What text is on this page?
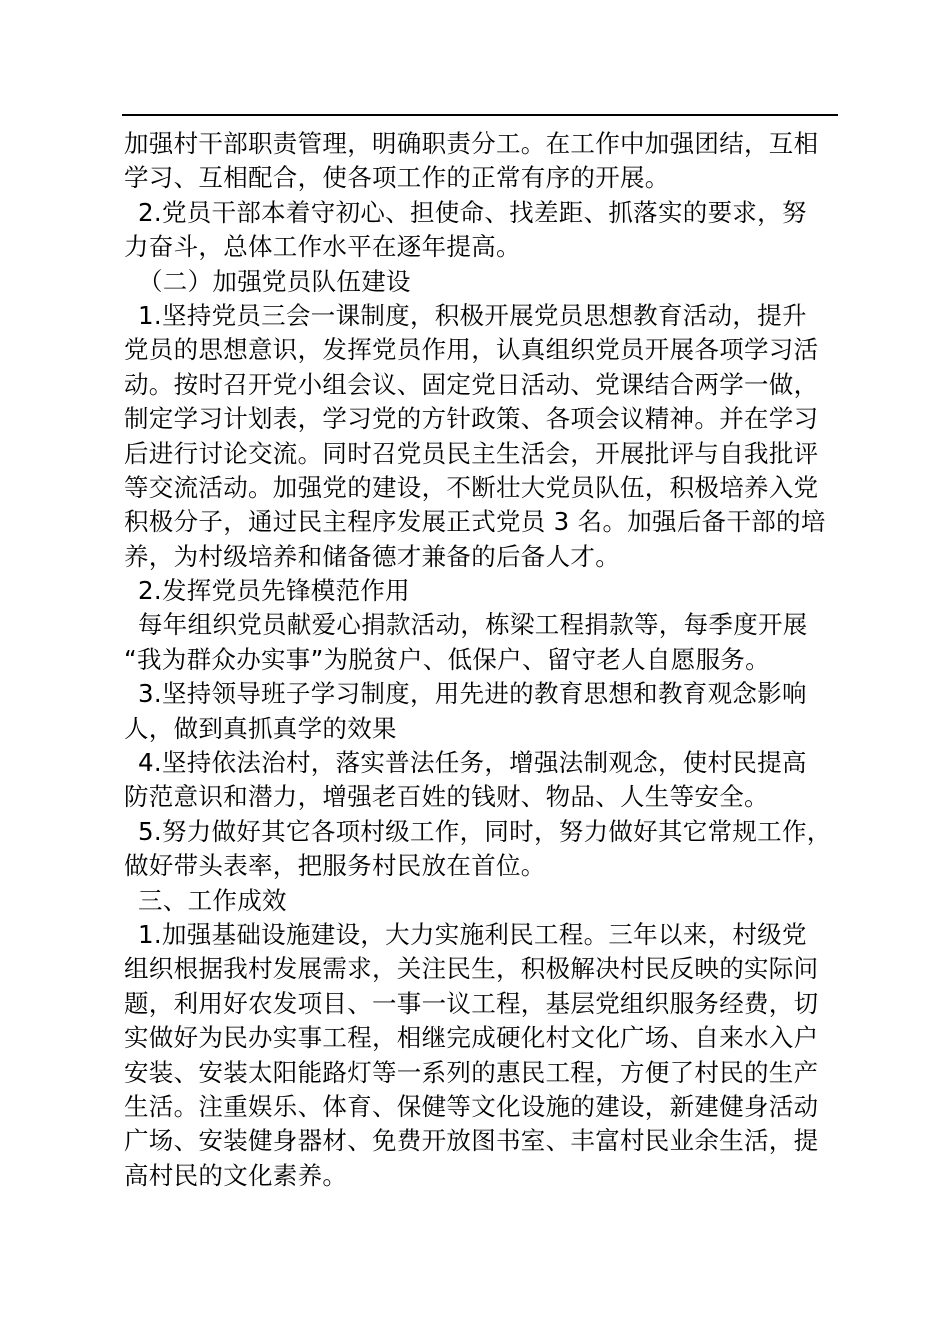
加强村干部职责管理，明确职责分工。在工作中加强团结，互相
学习、互相配合，使各项工作的正常有序的开展。
2.党员干部本着守初心、担使命、找差距、抓落实的要求，努
力奋斗，总体工作水平在逐年提高。
（二）加强党员队伍建设
1.坚持党员三会一课制度，积极开展党员思想教育活动，提升
党员的思想意识，发挥党员作用，认真组织党员开展各项学习活
动。按时召开党小组会议、固定党日活动、党课结合两学一做，
制定学习计划表，学习党的方针政策、各项会议精神。并在学习
后进行讨论交流。同时召党员民主生活会，开展批评与自我批评
等交流活动。加强党的建设，不断壮大党员队伍，积极培养入党
积极分子，通过民主程序发展正式党员 3 名。加强后备干部的培
养，为村级培养和储备德才兼备的后备人才。
2.发挥党员先锋模范作用
每年组织党员献爱心捐款活动，栋梁工程捐款等，每季度开展
“我为群众办实事”为脱贫户、低保户、留守老人自愿服务。
3.坚持领导班子学习制度，用先进的教育思想和教育观念影响
人，做到真抓真学的效果
4.坚持依法治村，落实普法任务，增强法制观念，使村民提高
防范意识和潜力，增强老百姓的钱财、物品、人生等安全。
5.努力做好其它各项村级工作，同时，努力做好其它常规工作，
做好带头表率，把服务村民放在首位。
三、工作成效
1.加强基础设施建设，大力实施利民工程。三年以来，村级党
组织根据我村发展需求，关注民生，积极解决村民反映的实际问
题，利用好农发项目、一事一议工程，基层党组织服务经费，切
实做好为民办实事工程，相继完成硬化村文化广场、自来水入户
安装、安装太阳能路灯等一系列的惠民工程，方便了村民的生产
生活。注重娱乐、体育、保健等文化设施的建设，新建健身活动
广场、安装健身器材、免费开放图书室、丰富村民业余生活，提
高村民的文化素养。
